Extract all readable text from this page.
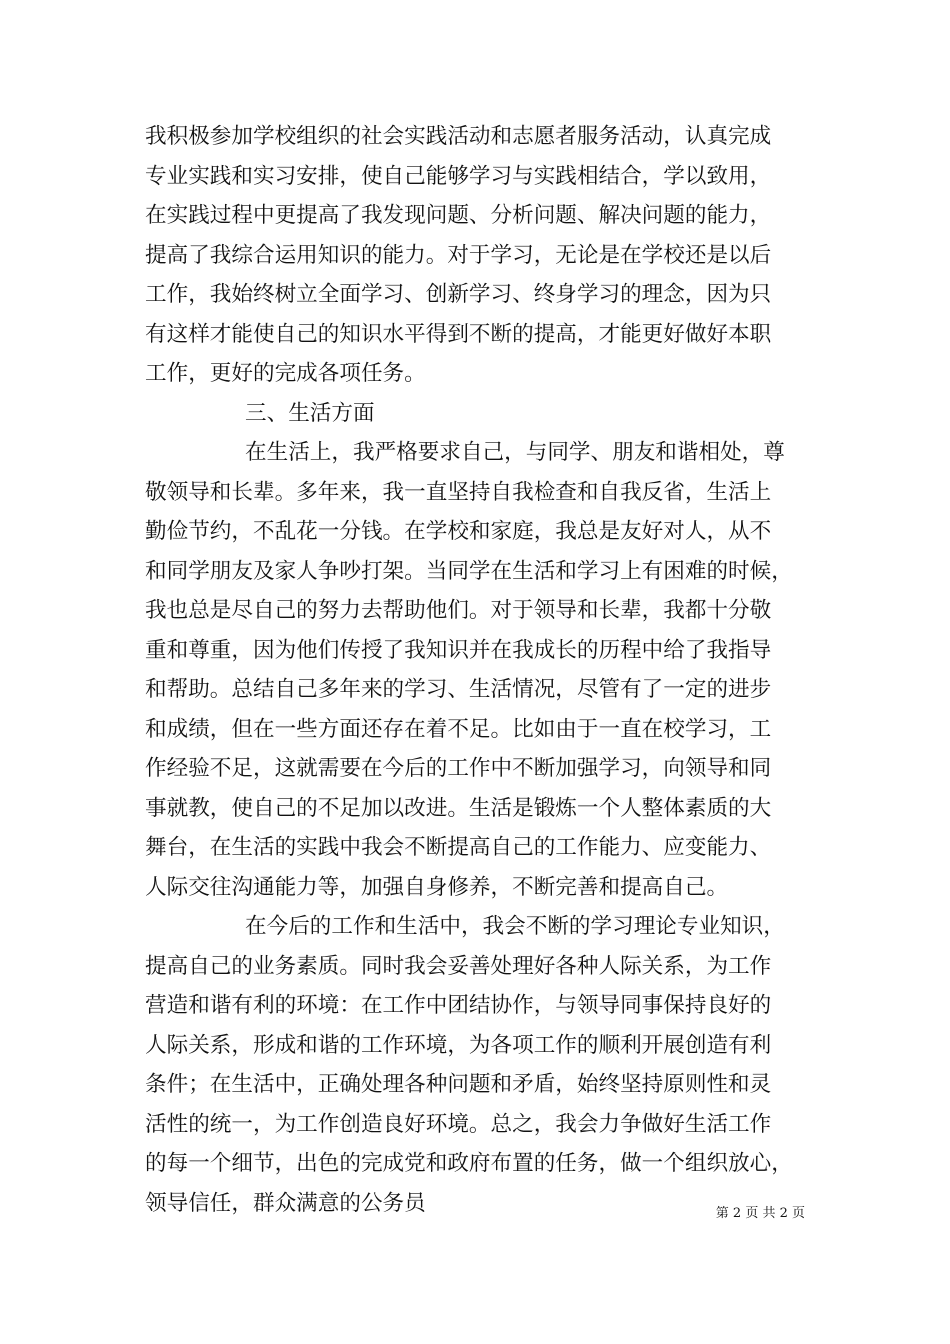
我积极参加学校组织的社会实践活动和志愿者服务活动，认真完成
专业实践和实习安排，使自己能够学习与实践相结合，学以致用，
在实践过程中更提高了我发现问题、分析问题、解决问题的能力，
提高了我综合运用知识的能力。对于学习，无论是在学校还是以后
工作，我始终树立全面学习、创新学习、终身学习的理念，因为只
有这样才能使自己的知识水平得到不断的提高，才能更好做好本职
工作，更好的完成各项任务。
三、生活方面
在生活上，我严格要求自己，与同学、朋友和谐相处，尊
敬领导和长辈。多年来，我一直坚持自我检查和自我反省，生活上
勤俭节约，不乱花一分钱。在学校和家庭，我总是友好对人，从不
和同学朋友及家人争吵打架。当同学在生活和学习上有困难的时候，
我也总是尽自己的努力去帮助他们。对于领导和长辈，我都十分敬
重和尊重，因为他们传授了我知识并在我成长的历程中给了我指导
和帮助。总结自己多年来的学习、生活情况，尽管有了一定的进步
和成绩，但在一些方面还存在着不足。比如由于一直在校学习，工
作经验不足，这就需要在今后的工作中不断加强学习，向领导和同
事就教，使自己的不足加以改进。生活是锻炼一个人整体素质的大
舞台，在生活的实践中我会不断提高自己的工作能力、应变能力、
人际交往沟通能力等，加强自身修养，不断完善和提高自己。
在今后的工作和生活中，我会不断的学习理论专业知识，
提高自己的业务素质。同时我会妥善处理好各种人际关系，为工作
营造和谐有利的环境：在工作中团结协作，与领导同事保持良好的
人际关系，形成和谐的工作环境，为各项工作的顺利开展创造有利
条件；在生活中，正确处理各种问题和矛盾，始终坚持原则性和灵
活性的统一，为工作创造良好环境。总之，我会力争做好生活工作
的每一个细节，出色的完成党和政府布置的任务，做一个组织放心，
领导信任，群众满意的公务员	第 2 页 共 2 页
